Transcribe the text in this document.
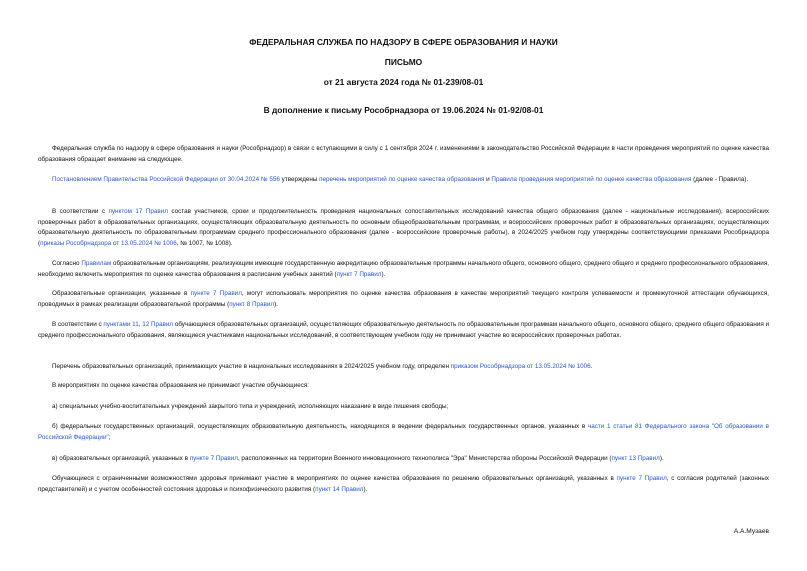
ФЕДЕРАЛЬНАЯ СЛУЖБА ПО НАДЗОРУ В СФЕРЕ ОБРАЗОВАНИЯ И НАУКИ

ПИСЬМО

от 21 августа 2024 года № 01-239/08-01

В дополнение к письму Рособрнадзора от 19.06.2024 № 01-92/08-01

Федеральная служба по надзору в сфере образования и науки (Рособрнадзор) в связи с вступающими в силу с 1 сентября 2024 г. изменениями в законодательство Российской Федерации в части проведения мероприятий по оценке качества образования обращает внимание на следующее.

Постановлением Правительства Российской Федерации от 30.04.2024 № 556 утверждены перечень мероприятий по оценке качества образования и Правила проведения мероприятий по оценке качества образования (далее - Правила).

В соответствии с пунктом 17 Правил состав участников, сроки и продолжительность проведения национальных сопоставительных исследований качества общего образования (далее - национальные исследования), всероссийских проверочных работ в образовательных организациях, осуществляющих образовательную деятельность по основным общеобразовательным программам, и всероссийских проверочных работ в образовательных организациях, осуществляющих образовательную деятельность по образовательным программам среднего профессионального образования (далее - всероссийские проверочные работы), в 2024/2025 учебном году утверждены соответствующими приказами Рособрнадзора (приказы Рособрнадзора от 13.05.2024 № 1006, № 1007, № 1008).

Согласно Правилам образовательным организациям, реализующим имеющие государственную аккредитацию образовательные программы начального общего, основного общего, среднего общего и среднего профессионального образования, необходимо включить мероприятия по оценке качества образования в расписание учебных занятий (пункт 7 Правил).

Образовательные организации, указанные в пункте 7 Правил, могут использовать мероприятия по оценке качества образования в качестве мероприятий текущего контроля успеваемости и промежуточной аттестации обучающихся, проводимых в рамках реализации образовательной программы (пункт 8 Правил).

В соответствии с пунктами 11, 12 Правил обучающиеся образовательных организаций, осуществляющих образовательную деятельность по образовательным программам начального общего, основного общего, среднего общего образования и среднего профессионального образования, являющиеся участниками национальных исследований, в соответствующем учебном году не принимают участие во всероссийских проверочных работах.

Перечень образовательных организаций, принимающих участие в национальных исследованиях в 2024/2025 учебном году, определен приказом Рособрнадзора от 13.05.2024 № 1006.

В мероприятиях по оценке качества образования не принимают участие обучающиеся:

а) специальных учебно-воспитательных учреждений закрытого типа и учреждений, исполняющих наказание в виде лишения свободы;

б) федеральных государственных организаций, осуществляющих образовательную деятельность, находящихся в ведении федеральных государственных органов, указанных в части 1 статьи 81 Федерального закона "Об образовании в Российской Федерации";

в) образовательных организаций, указанных в пункте 7 Правил, расположенных на территории Военного инновационного технополиса "Эра" Министерства обороны Российской Федерации (пункт 13 Правил).

Обучающиеся с ограниченными возможностями здоровья принимают участие в мероприятиях по оценке качества образования по решению образовательных организаций, указанных в пункте 7 Правил, с согласия родителей (законных представителей) и с учетом особенностей состояния здоровья и психофизического развития (пункт 14 Правил).

А.А.Музаев
